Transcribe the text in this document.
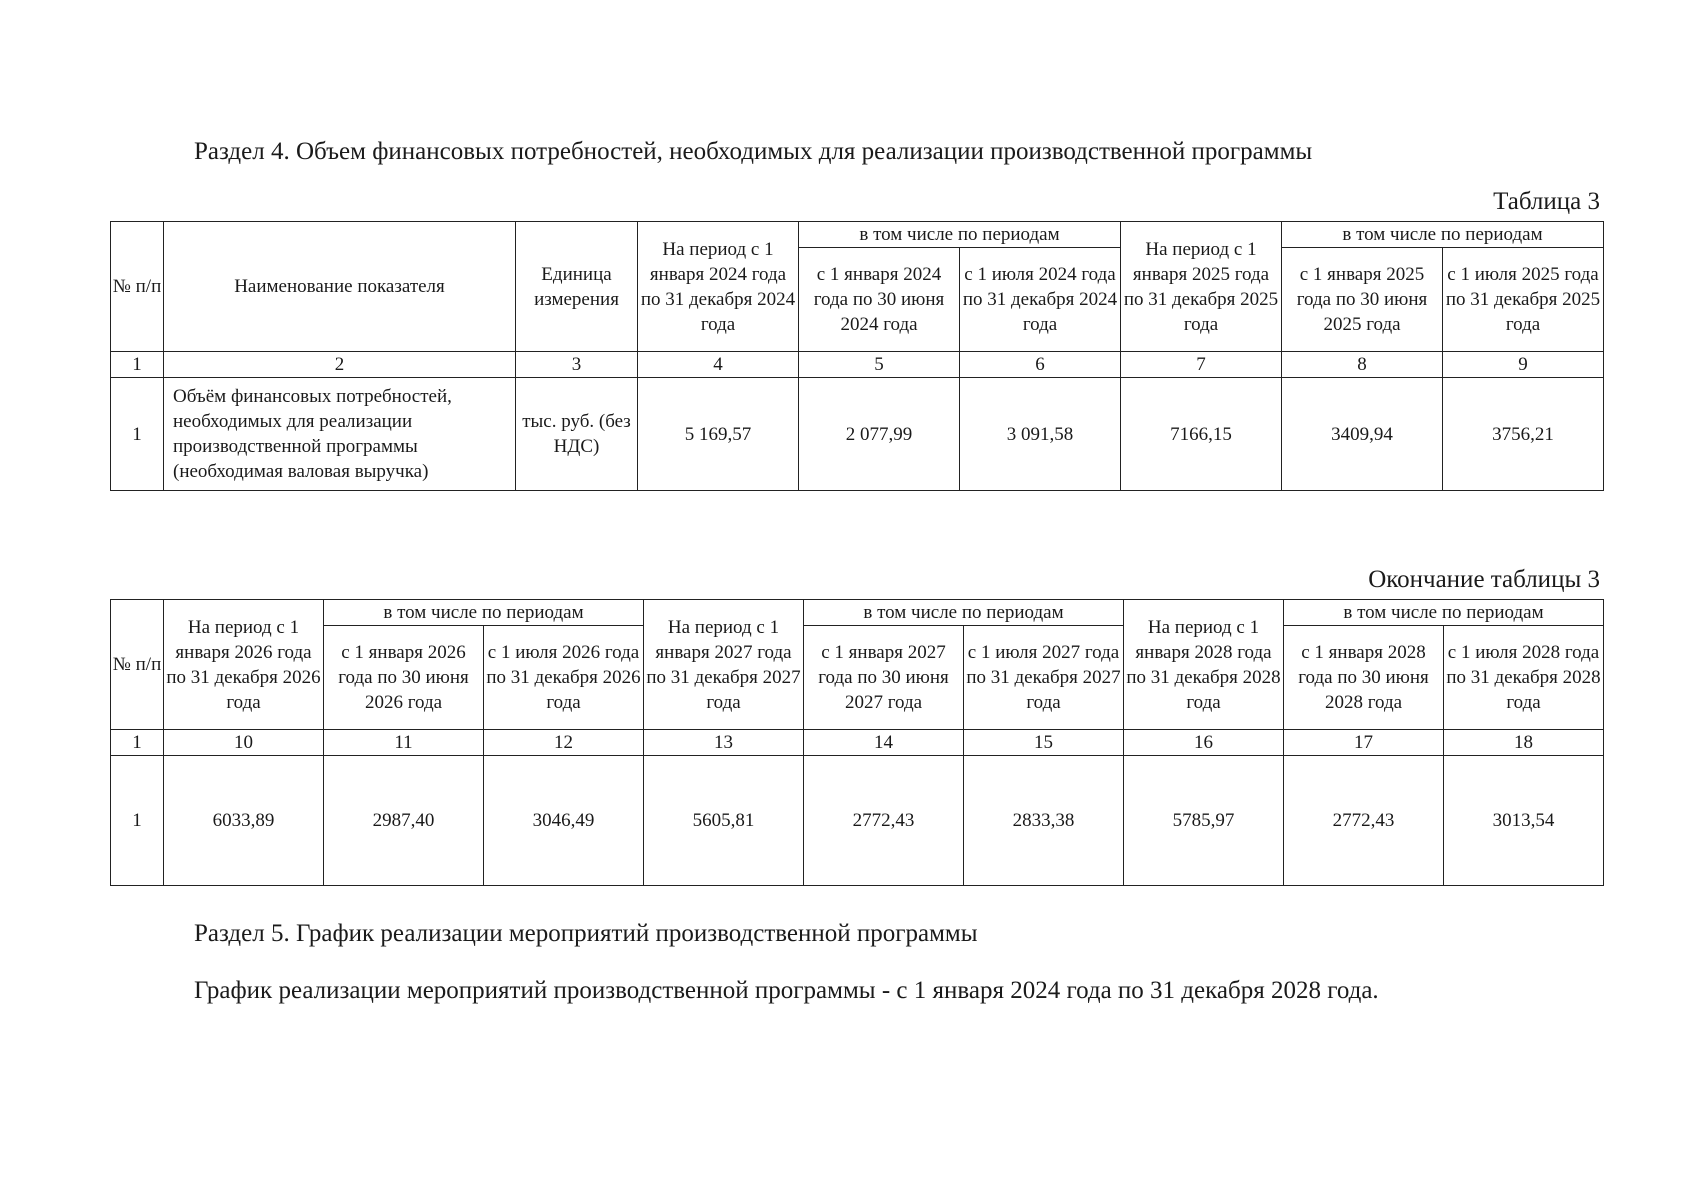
Раздел 4. Объем финансовых потребностей, необходимых для реализации производственной программы
Таблица 3
№ п/п	Наименование показателя	Единица измерения	На период с 1 января 2024 года по 31 декабря 2024 года	в том числе по периодам		На период с 1 января 2025 года по 31 декабря 2025 года	в том числе по периодам	
				с 1 января 2024 года по 30 июня 2024 года	с 1 июля 2024 года по 31 декабря 2024 года		с 1 января 2025 года по 30 июня 2025 года	с 1 июля 2025 года по 31 декабря 2025 года
1	2	3	4	5	6	7	8	9
1	Объём финансовых потребностей, необходимых для реализации производственной программы (необходимая валовая выручка)	тыс. руб. (без НДС)	5 169,57	2 077,99	3 091,58	7166,15	3409,94	3756,21
Окончание таблицы 3
№ п/п	На период с 1 января 2026 года по 31 декабря 2026 года	в том числе по периодам		На период с 1 января 2027 года по 31 декабря 2027 года	в том числе по периодам		На период с 1 января 2028 года по 31 декабря 2028 года	в том числе по периодам	
		с 1 января 2026 года по 30 июня 2026 года	с 1 июля 2026 года по 31 декабря 2026 года		с 1 января 2027 года по 30 июня 2027 года	с 1 июля 2027 года по 31 декабря 2027 года		с 1 января 2028 года по 30 июня 2028 года	с 1 июля 2028 года по 31 декабря 2028 года
1	10	11	12	13	14	15	16	17	18
1	6033,89	2987,40	3046,49	5605,81	2772,43	2833,38	5785,97	2772,43	3013,54
Раздел 5. График реализации мероприятий производственной программы
График реализации мероприятий производственной программы - с 1 января 2024 года по 31 декабря 2028 года.
